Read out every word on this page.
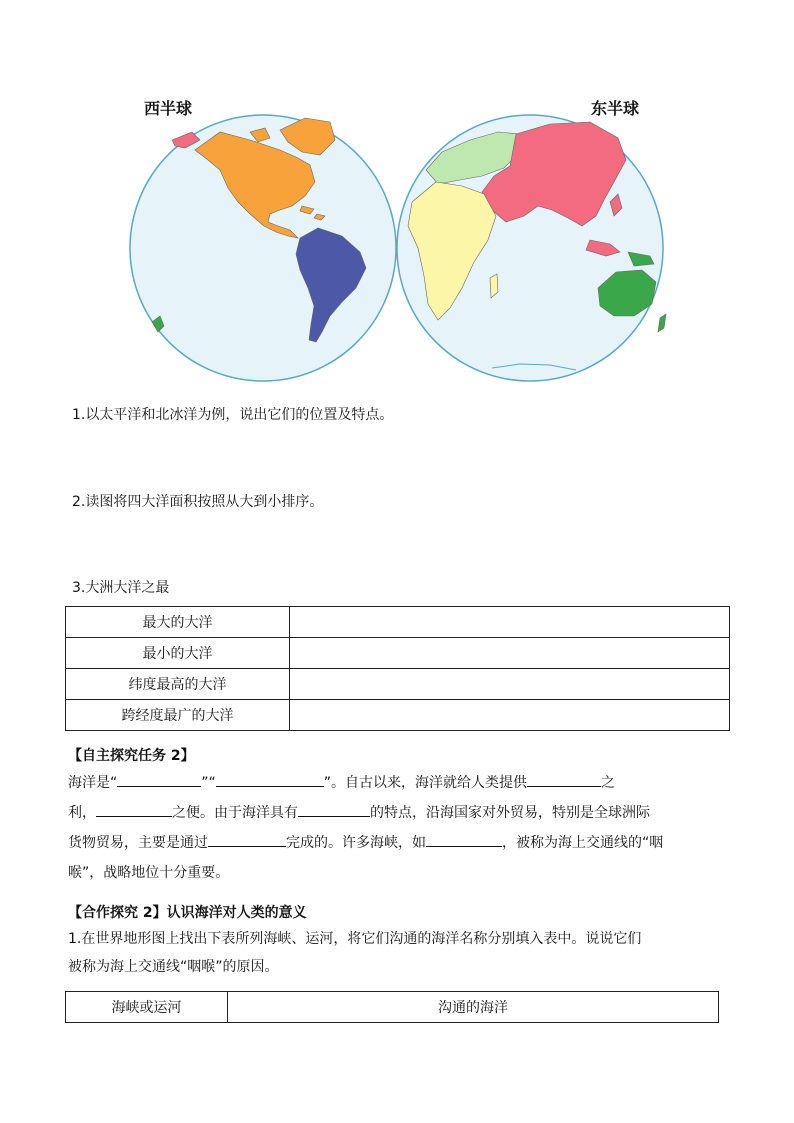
西半球	东半球
1.以太平洋和北冰洋为例，说出它们的位置及特点。
2.读图将四大洋面积按照从大到小排序。
3.大洲大洋之最
最大的大洋	
最小的大洋	
纬度最高的大洋	
跨经度最广的大洋	
【自主探究任务 2】
海洋是“	”“	”。自古以来，海洋就给人类提供	之
利，	之便。由于海洋具有	的特点，沿海国家对外贸易，特别是全球洲际
货物贸易，主要是通过	完成的。许多海峡，如	，被称为海上交通线的“咽
喉”，战略地位十分重要。
【合作探究 2】认识海洋对人类的意义
1.在世界地形图上找出下表所列海峡、运河，将它们沟通的海洋名称分别填入表中。说说它们
被称为海上交通线“咽喉”的原因。
海峡或运河	沟通的海洋
